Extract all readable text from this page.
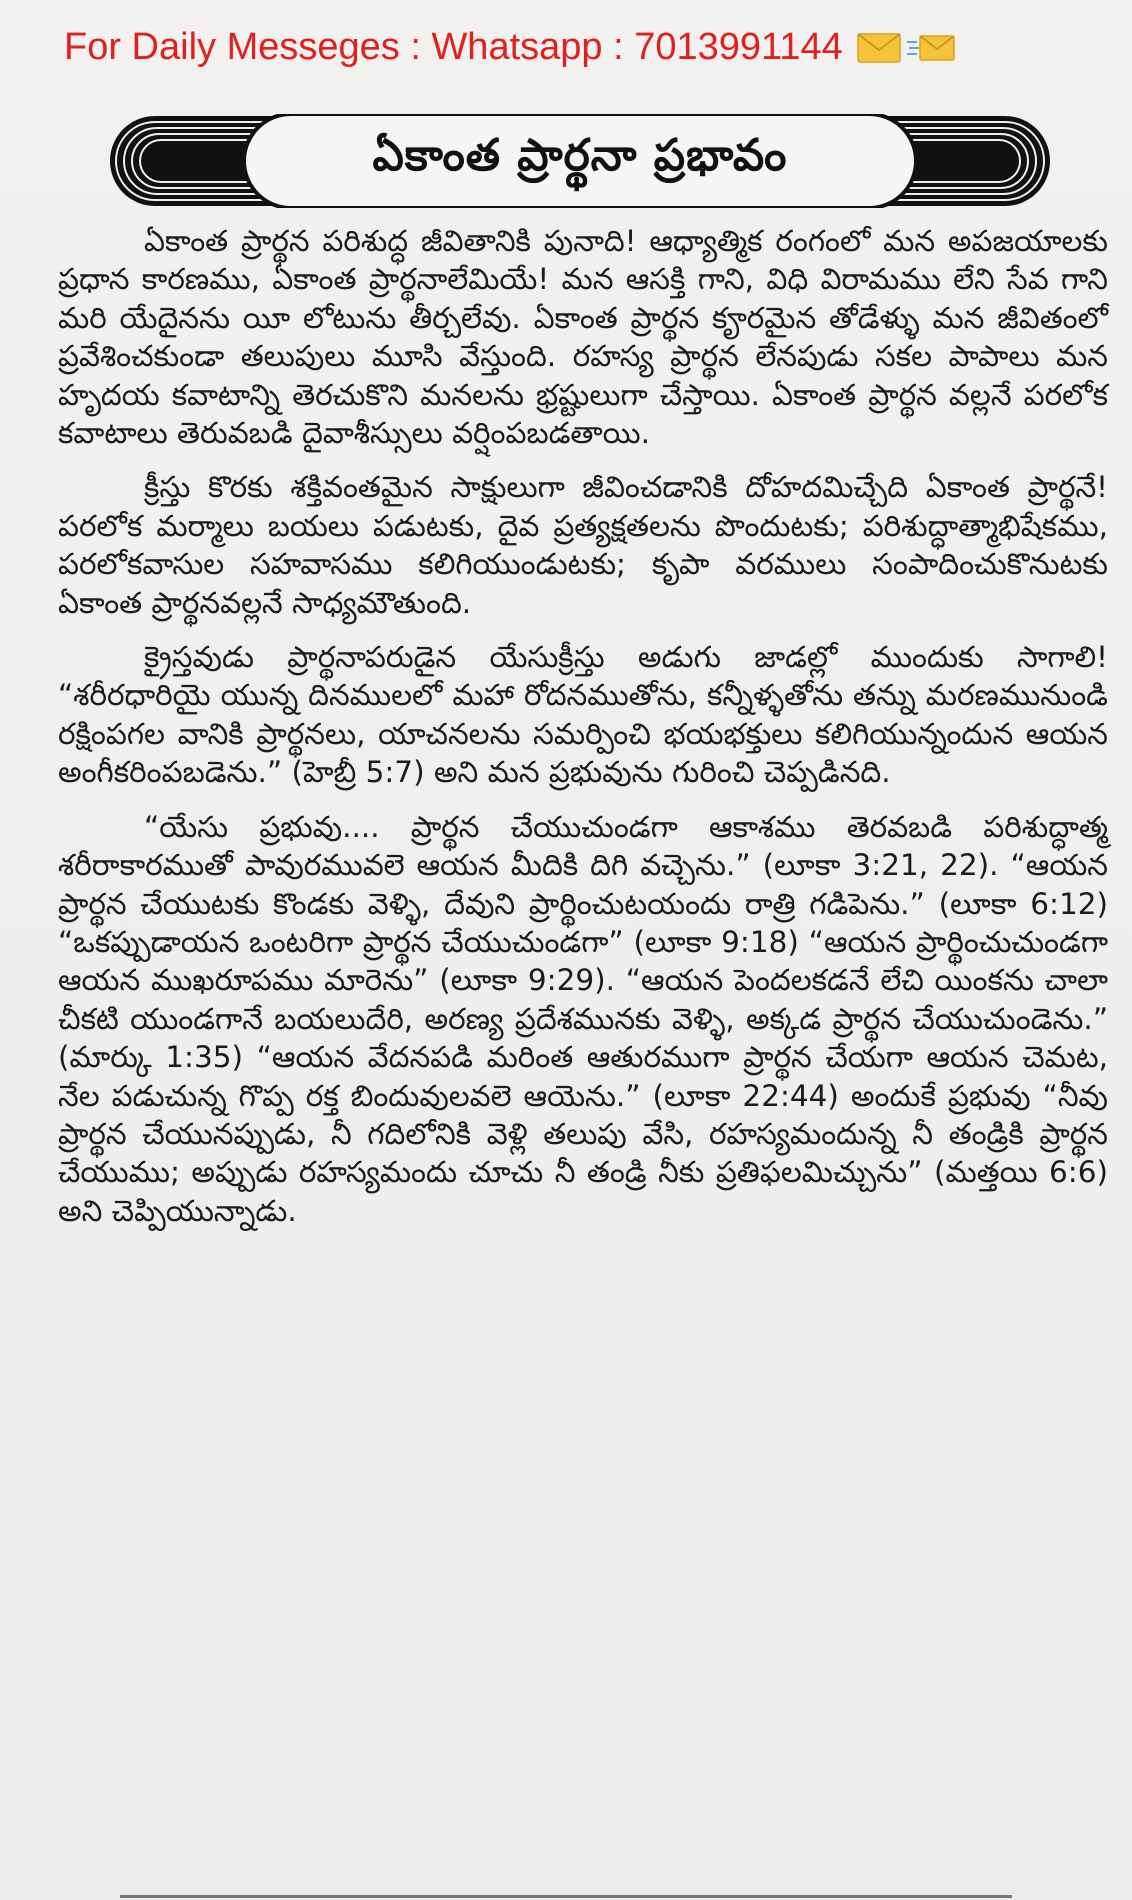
For Daily Messeges : Whatsapp : 7013991144
ఏకాంత ప్రార్థనా ప్రభావం

ఏకాంత ప్రార్థన పరిశుద్ధ జీవితానికి పునాది! ఆధ్యాత్మిక రంగంలో మన అపజయాలకు ప్రధాన కారణము, ఏకాంత ప్రార్థనాలేమియే! మన ఆసక్తి గాని, విధి విరామము లేని సేవ గాని మరి యేదైనను యీ లోటును తీర్చలేవు. ఏకాంత ప్రార్థన కౄరమైన తోడేళ్ళు మన జీవితంలో ప్రవేశించకుండా తలుపులు మూసి వేస్తుంది. రహస్య ప్రార్థన లేనపుడు సకల పాపాలు మన హృదయ కవాటాన్ని తెరచుకొని మనలను భ్రష్టులుగా చేస్తాయి. ఏకాంత ప్రార్థన వల్లనే పరలోక కవాటాలు తెరువబడి దైవాశీస్సులు వర్షింపబడతాయి.

క్రీస్తు కొరకు శక్తివంతమైన సాక్షులుగా జీవించడానికి దోహదమిచ్చేది ఏకాంత ప్రార్థనే! పరలోక మర్మాలు బయలు పడుటకు, దైవ ప్రత్యక్షతలను పొందుటకు; పరిశుద్ధాత్మాభిషేకము, పరలోకవాసుల సహవాసము కలిగియుండుటకు; కృపా వరములు సంపాదించుకొనుటకు ఏకాంత ప్రార్థనవల్లనే సాధ్యమౌతుంది.

క్రైస్తవుడు ప్రార్థనాపరుడైన యేసుక్రీస్తు అడుగు జాడల్లో ముందుకు సాగాలి! “శరీరధారియై యున్న దినములలో మహా రోదనముతోను, కన్నీళ్ళతోను తన్ను మరణమునుండి రక్షింపగల వానికి ప్రార్థనలు, యాచనలను సమర్పించి భయభక్తులు కలిగియున్నందున ఆయన అంగీకరింపబడెను.” (హెబ్రీ 5:7) అని మన ప్రభువును గురించి చెప్పడినది.

“యేసు ప్రభువు.... ప్రార్థన చేయుచుండగా ఆకాశము తెరవబడి పరిశుద్ధాత్మ శరీరాకారముతో పావురమువలె ఆయన మీదికి దిగి వచ్చెను.” (లూకా 3:21, 22). “ఆయన ప్రార్థన చేయుటకు కొండకు వెళ్ళి, దేవుని ప్రార్థించుటయందు రాత్రి గడిపెను.” (లూకా 6:12) “ఒకప్పుడాయన ఒంటరిగా ప్రార్థన చేయుచుండగా” (లూకా 9:18) “ఆయన ప్రార్థించుచుండగా ఆయన ముఖరూపము మారెను” (లూకా 9:29). “ఆయన పెందలకడనే లేచి యింకను చాలా చీకటి యుండగానే బయలుదేరి, అరణ్య ప్రదేశమునకు వెళ్ళి, అక్కడ ప్రార్థన చేయుచుండెను.” (మార్కు 1:35) “ఆయన వేదనపడి మరింత ఆతురముగా ప్రార్థన చేయగా ఆయన చెమట, నేల పడుచున్న గొప్ప రక్త బిందువులవలె ఆయెను.” (లూకా 22:44) అందుకే ప్రభువు “నీవు ప్రార్థన చేయునప్పుడు, నీ గదిలోనికి వెళ్లి తలుపు వేసి, రహస్యమందున్న నీ తండ్రికి ప్రార్థన చేయుము; అప్పుడు రహస్యమందు చూచు నీ తండ్రి నీకు ప్రతిఫలమిచ్చును” (మత్తయి 6:6) అని చెప్పియున్నాడు.
